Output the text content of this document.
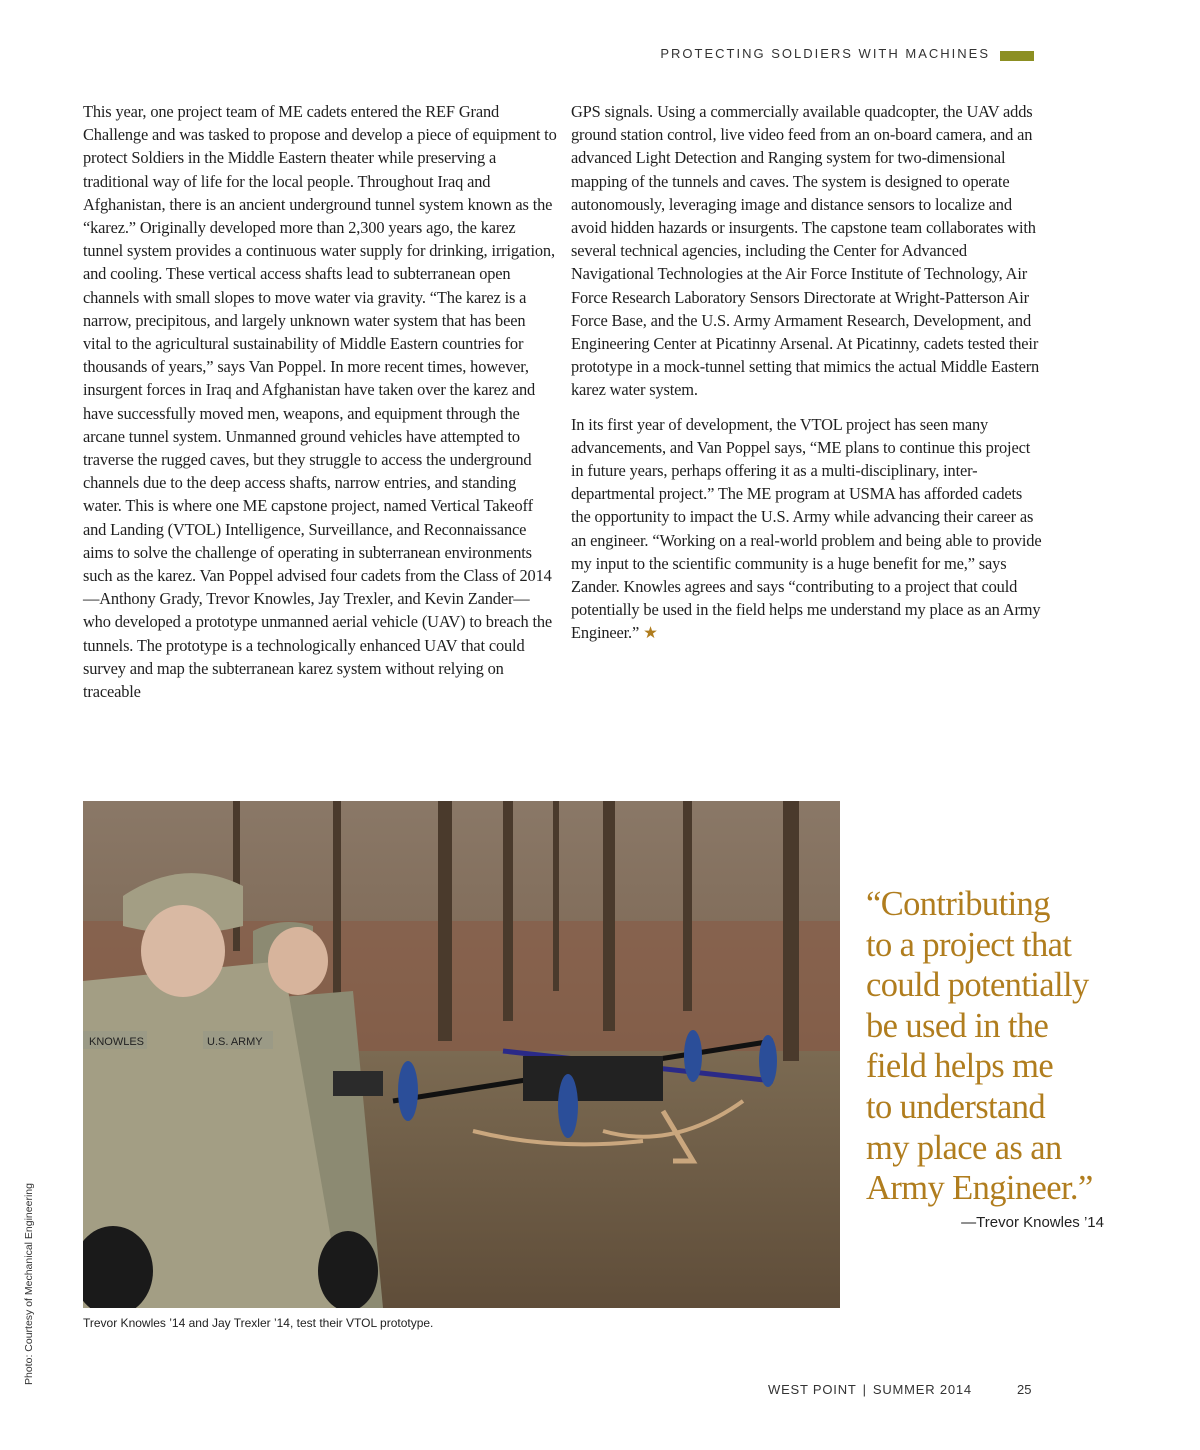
PROTECTING SOLDIERS WITH MACHINES

This year, one project team of ME cadets entered the REF Grand Challenge and was tasked to propose and develop a piece of equipment to protect Soldiers in the Middle Eastern theater while preserving a traditional way of life for the local people. Throughout Iraq and Afghanistan, there is an ancient underground tunnel system known as the “karez.” Originally developed more than 2,300 years ago, the karez tunnel system provides a continuous water supply for drinking, irrigation, and cooling. These vertical access shafts lead to subterranean open channels with small slopes to move water via gravity. “The karez is a narrow, precipitous, and largely unknown water system that has been vital to the agricultural sustainability of Middle Eastern countries for thousands of years,” says Van Poppel. In more recent times, however, insurgent forces in Iraq and Afghanistan have taken over the karez and have successfully moved men, weapons, and equipment through the arcane tunnel system. Unmanned ground vehicles have attempted to traverse the rugged caves, but they struggle to access the underground channels due to the deep access shafts, narrow entries, and standing water. This is where one ME capstone project, named Vertical Takeoff and Landing (VTOL) Intelligence, Surveillance, and Reconnaissance aims to solve the challenge of operating in subterranean environments such as the karez. Van Poppel advised four cadets from the Class of 2014—Anthony Grady, Trevor Knowles, Jay Trexler, and Kevin Zander—who developed a prototype unmanned aerial vehicle (UAV) to breach the tunnels. The prototype is a technologically enhanced UAV that could survey and map the subterranean karez system without relying on traceable

GPS signals. Using a commercially available quadcopter, the UAV adds ground station control, live video feed from an on-board camera, and an advanced Light Detection and Ranging system for two-dimensional mapping of the tunnels and caves. The system is designed to operate autonomously, leveraging image and distance sensors to localize and avoid hidden hazards or insurgents. The capstone team collaborates with several technical agencies, including the Center for Advanced Navigational Technologies at the Air Force Institute of Technology, Air Force Research Laboratory Sensors Directorate at Wright-Patterson Air Force Base, and the U.S. Army Armament Research, Development, and Engineering Center at Picatinny Arsenal. At Picatinny, cadets tested their prototype in a mock-tunnel setting that mimics the actual Middle Eastern karez water system.

In its first year of development, the VTOL project has seen many advancements, and Van Poppel says, “ME plans to continue this project in future years, perhaps offering it as a multi-disciplinary, inter-departmental project.” The ME program at USMA has afforded cadets the opportunity to impact the U.S. Army while advancing their career as an engineer. “Working on a real-world problem and being able to provide my input to the scientific community is a huge benefit for me,” says Zander. Knowles agrees and says “contributing to a project that could potentially be used in the field helps me understand my place as an Army Engineer.” ★

KNOWLES	U.S. ARMY
Trevor Knowles ’14 and Jay Trexler ’14, test their VTOL prototype.
Photo: Courtesy of Mechanical Engineering
“Contributing
to a project that
could potentially
be used in the
field helps me
to understand
my place as an
Army Engineer.”
—Trevor Knowles ’14
WEST POINT | SUMMER 2014	25
